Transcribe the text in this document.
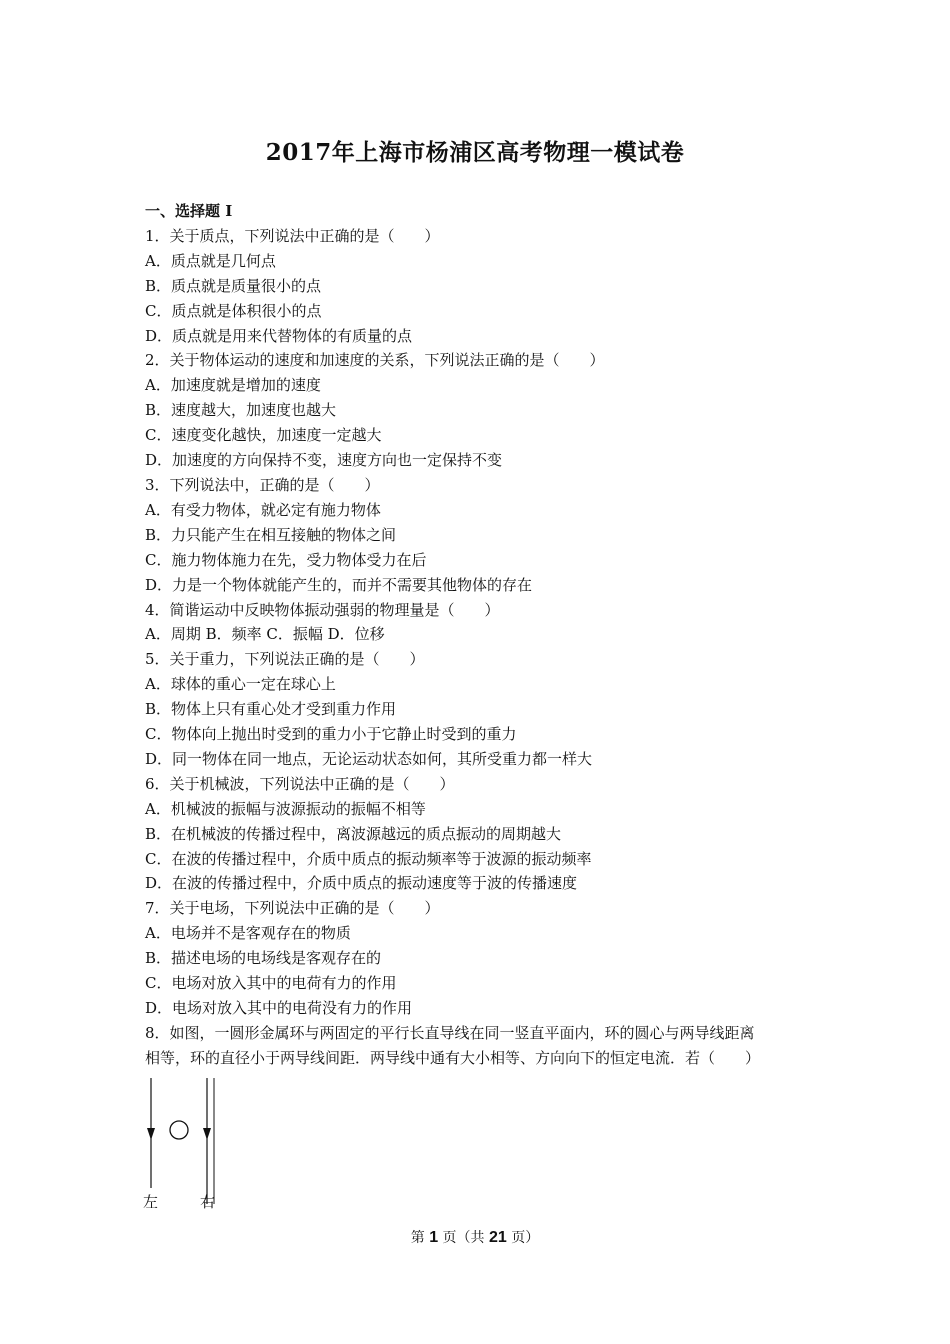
2017年上海市杨浦区高考物理一模试卷
一、选择题 I
1．关于质点，下列说法中正确的是（　　）
A．质点就是几何点
B．质点就是质量很小的点
C．质点就是体积很小的点
D．质点就是用来代替物体的有质量的点
2．关于物体运动的速度和加速度的关系，下列说法正确的是（　　）
A．加速度就是增加的速度
B．速度越大，加速度也越大
C．速度变化越快，加速度一定越大
D．加速度的方向保持不变，速度方向也一定保持不变
3．下列说法中，正确的是（　　）
A．有受力物体，就必定有施力物体
B．力只能产生在相互接触的物体之间
C．施力物体施力在先，受力物体受力在后
D．力是一个物体就能产生的，而并不需要其他物体的存在
4．简谐运动中反映物体振动强弱的物理量是（　　）
A．周期 B．频率 C．振幅 D．位移
5．关于重力，下列说法正确的是（　　）
A．球体的重心一定在球心上
B．物体上只有重心处才受到重力作用
C．物体向上抛出时受到的重力小于它静止时受到的重力
D．同一物体在同一地点，无论运动状态如何，其所受重力都一样大
6．关于机械波，下列说法中正确的是（　　）
A．机械波的振幅与波源振动的振幅不相等
B．在机械波的传播过程中，离波源越远的质点振动的周期越大
C．在波的传播过程中，介质中质点的振动频率等于波源的振动频率
D．在波的传播过程中，介质中质点的振动速度等于波的传播速度
7．关于电场，下列说法中正确的是（　　）
A．电场并不是客观存在的物质
B．描述电场的电场线是客观存在的
C．电场对放入其中的电荷有力的作用
D．电场对放入其中的电荷没有力的作用
8．如图，一圆形金属环与两固定的平行长直导线在同一竖直平面内，环的圆心与两导线距离
相等，环的直径小于两导线间距．两导线中通有大小相等、方向向下的恒定电流．若（　　）
左	右
第 1 页（共 21 页）
